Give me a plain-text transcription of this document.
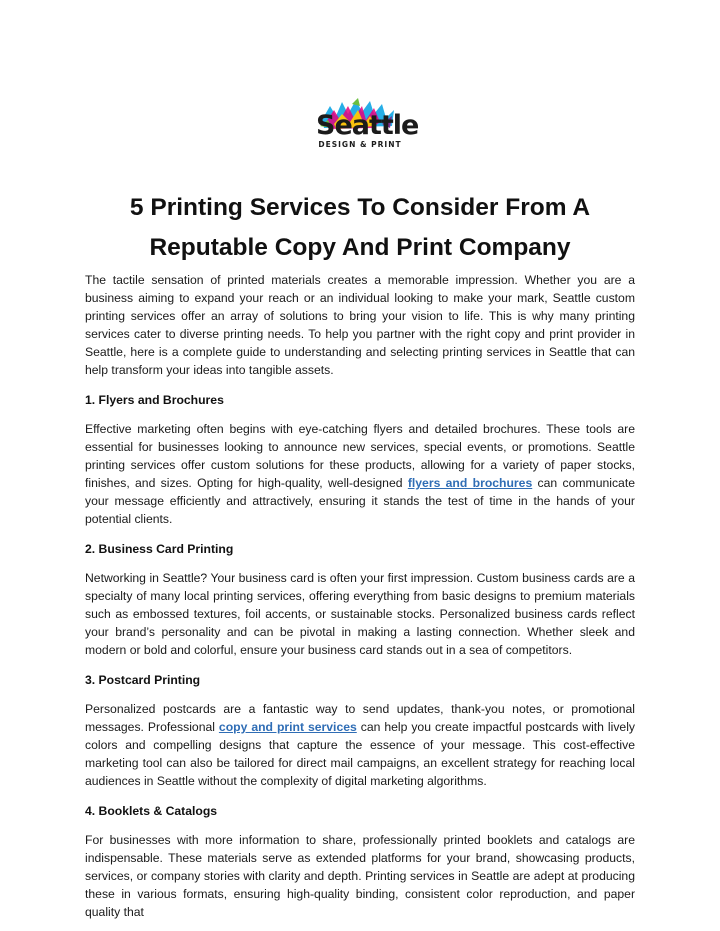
Seattle
DESIGN & PRINT
5 Printing Services To Consider From A
Reputable Copy And Print Company

The tactile sensation of printed materials creates a memorable impression. Whether you are a business aiming to expand your reach or an individual looking to make your mark, Seattle custom printing services offer an array of solutions to bring your vision to life. This is why many printing services cater to diverse printing needs. To help you partner with the right copy and print provider in Seattle, here is a complete guide to understanding and selecting printing services in Seattle that can help transform your ideas into tangible assets.

1. Flyers and Brochures

Effective marketing often begins with eye-catching flyers and detailed brochures. These tools are essential for businesses looking to announce new services, special events, or promotions. Seattle printing services offer custom solutions for these products, allowing for a variety of paper stocks, finishes, and sizes. Opting for high-quality, well-designed flyers and brochures can communicate your message efficiently and attractively, ensuring it stands the test of time in the hands of your potential clients.

2. Business Card Printing

Networking in Seattle? Your business card is often your first impression. Custom business cards are a specialty of many local printing services, offering everything from basic designs to premium materials such as embossed textures, foil accents, or sustainable stocks. Personalized business cards reflect your brand’s personality and can be pivotal in making a lasting connection. Whether sleek and modern or bold and colorful, ensure your business card stands out in a sea of competitors.

3. Postcard Printing

Personalized postcards are a fantastic way to send updates, thank-you notes, or promotional messages. Professional copy and print services can help you create impactful postcards with lively colors and compelling designs that capture the essence of your message. This cost-effective marketing tool can also be tailored for direct mail campaigns, an excellent strategy for reaching local audiences in Seattle without the complexity of digital marketing algorithms.

4. Booklets & Catalogs

For businesses with more information to share, professionally printed booklets and catalogs are indispensable. These materials serve as extended platforms for your brand, showcasing products, services, or company stories with clarity and depth. Printing services in Seattle are adept at producing these in various formats, ensuring high-quality binding, consistent color reproduction, and paper quality that
